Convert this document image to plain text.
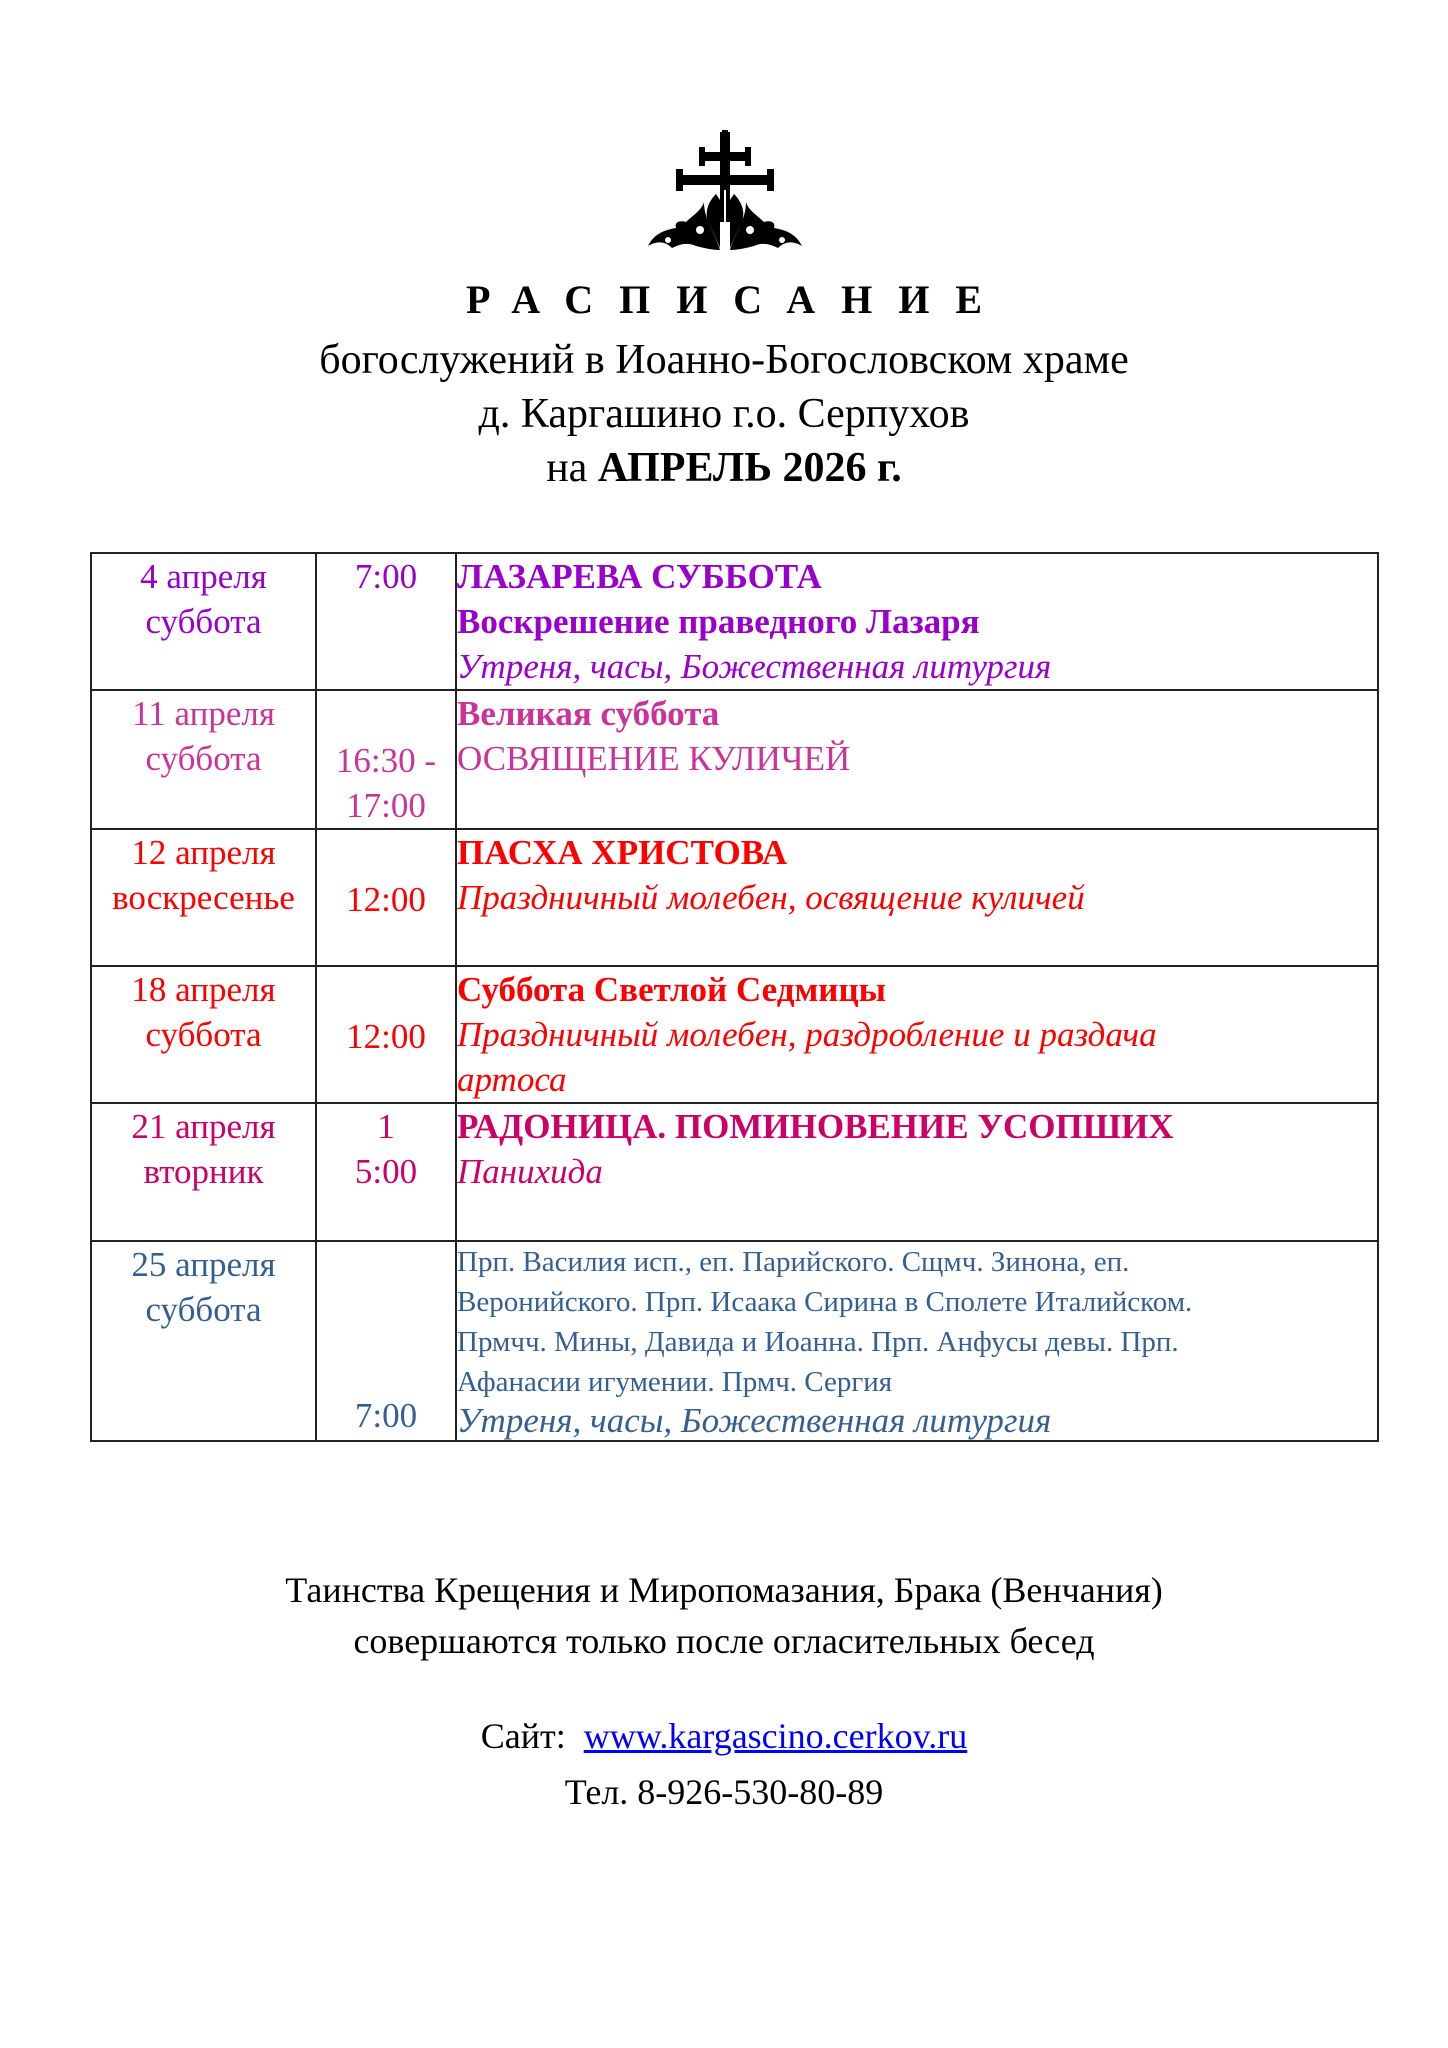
РАСПИСАНИЕ
богослужений в Иоанно-Богословском храме
д. Каргашино г.о. Серпухов
на АПРЕЛЬ 2026 г.
4 апреля
суббота	7:00	ЛАЗАРЕВА СУББОТА
Воскрешение праведного Лазаря
Утреня, часы, Божественная литургия

11 апреля
суббота	16:30 -
17:00	Великая суббота
ОСВЯЩЕНИЕ КУЛИЧЕЙ

12 апреля
воскресенье	12:00	ПАСХА ХРИСТОВА
Праздничный молебен, освящение куличей

18 апреля
суббота	12:00	Суббота Светлой Седмицы
Праздничный молебен, раздробление и раздача
артоса

21 апреля
вторник	1
5:00	РАДОНИЦА. ПОМИНОВЕНИЕ УСОПШИХ
Панихида

25 апреля
суббота	7:00	Прп. Василия исп., еп. Парийского. Сщмч. Зинона, еп.
Веронийского. Прп. Исаака Сирина в Сполете Италийском.
Прмчч. Мины, Давида и Иоанна. Прп. Анфусы девы. Прп.
Афанасии игумении. Прмч. Сергия
Утреня, часы, Божественная литургия
Таинства Крещения и Миропомазания, Брака (Венчания)
совершаются только после огласительных бесед
Сайт: www.kargascino.cerkov.ru
Тел. 8-926-530-80-89
